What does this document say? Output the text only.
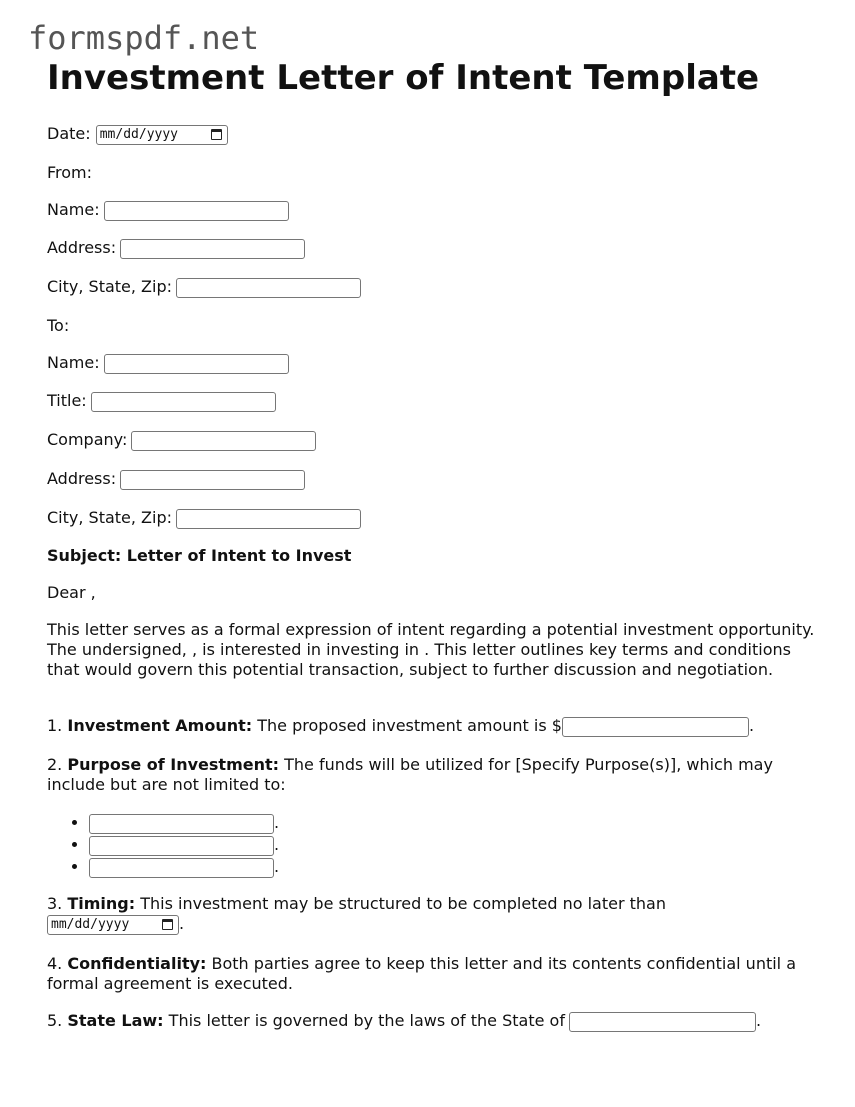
formspdf.net
Investment Letter of Intent Template
Date: mm/dd/yyyy
From:
Name:
Address:
City, State, Zip:
To:
Name:
Title:
Company:
Address:
City, State, Zip:
Subject: Letter of Intent to Invest
Dear ,
This letter serves as a formal expression of intent regarding a potential investment opportunity. The undersigned, , is interested in investing in . This letter outlines key terms and conditions that would govern this potential transaction, subject to further discussion and negotiation.
1. Investment Amount: The proposed investment amount is $	.
2. Purpose of Investment: The funds will be utilized for [Specify Purpose(s)], which may include but are not limited to:
• .
• .
• .
3. Timing: This investment may be structured to be completed no later than
mm/dd/yyyy	.
4. Confidentiality: Both parties agree to keep this letter and its contents confidential until a formal agreement is executed.
5. State Law: This letter is governed by the laws of the State of	.
